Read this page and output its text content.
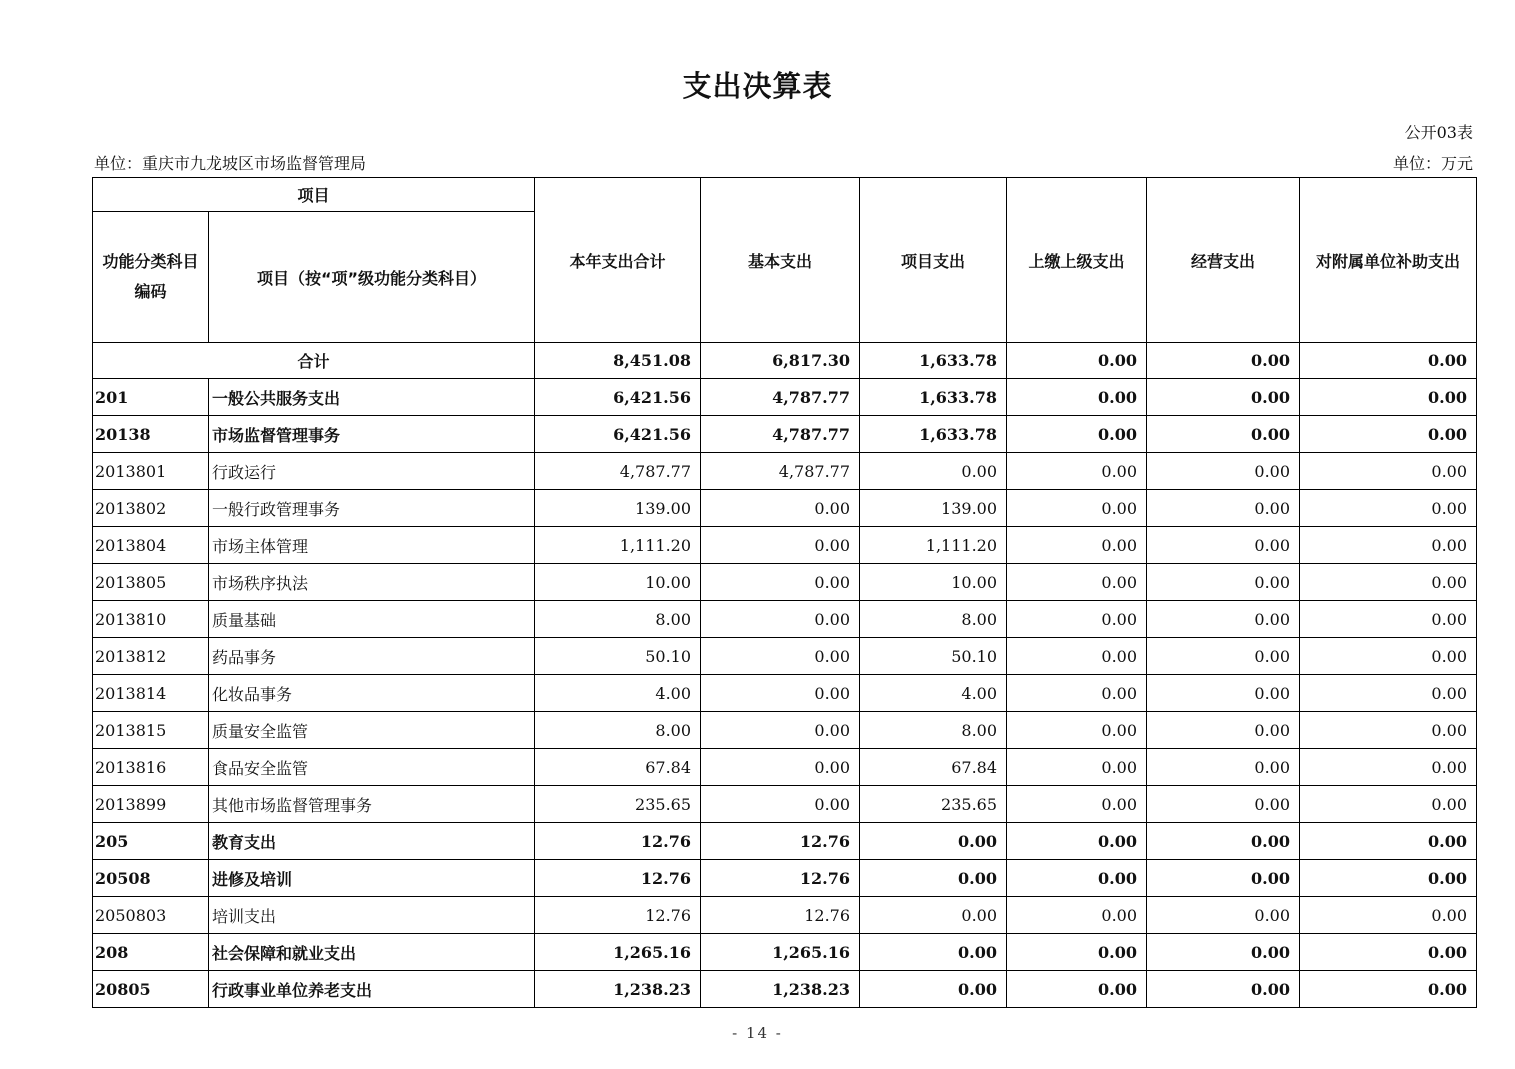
支出决算表
公开03表
单位：重庆市九龙坡区市场监督管理局	单位：万元
项目		本年支出合计	基本支出	项目支出	上缴上级支出	经营支出	对附属单位补助支出
功能分类科目编码	项目（按“项”级功能分类科目）						
合计		8,451.08	6,817.30	1,633.78	0.00	0.00	0.00
201	一般公共服务支出	6,421.56	4,787.77	1,633.78	0.00	0.00	0.00
20138	市场监督管理事务	6,421.56	4,787.77	1,633.78	0.00	0.00	0.00
2013801	行政运行	4,787.77	4,787.77	0.00	0.00	0.00	0.00
2013802	一般行政管理事务	139.00	0.00	139.00	0.00	0.00	0.00
2013804	市场主体管理	1,111.20	0.00	1,111.20	0.00	0.00	0.00
2013805	市场秩序执法	10.00	0.00	10.00	0.00	0.00	0.00
2013810	质量基础	8.00	0.00	8.00	0.00	0.00	0.00
2013812	药品事务	50.10	0.00	50.10	0.00	0.00	0.00
2013814	化妆品事务	4.00	0.00	4.00	0.00	0.00	0.00
2013815	质量安全监管	8.00	0.00	8.00	0.00	0.00	0.00
2013816	食品安全监管	67.84	0.00	67.84	0.00	0.00	0.00
2013899	其他市场监督管理事务	235.65	0.00	235.65	0.00	0.00	0.00
205	教育支出	12.76	12.76	0.00	0.00	0.00	0.00
20508	进修及培训	12.76	12.76	0.00	0.00	0.00	0.00
2050803	培训支出	12.76	12.76	0.00	0.00	0.00	0.00
208	社会保障和就业支出	1,265.16	1,265.16	0.00	0.00	0.00	0.00
20805	行政事业单位养老支出	1,238.23	1,238.23	0.00	0.00	0.00	0.00
- 14 -
